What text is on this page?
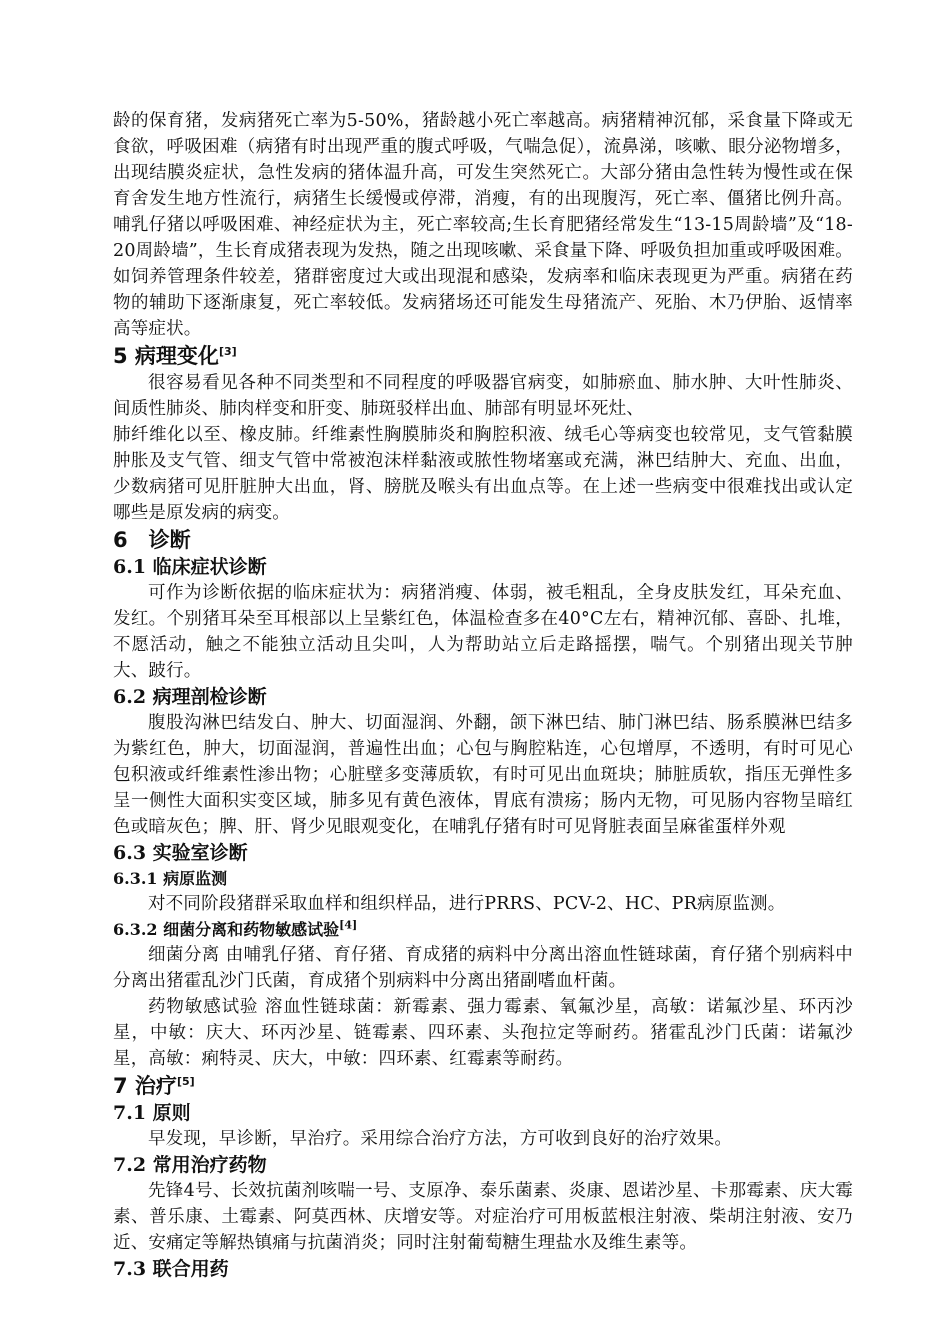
龄的保育猪，发病猪死亡率为5-50%，猪龄越小死亡率越高。病猪精神沉郁，采食量下降或无食欲，呼吸困难（病猪有时出现严重的腹式呼吸，气喘急促），流鼻涕，咳嗽、眼分泌物增多，出现结膜炎症状，急性发病的猪体温升高，可发生突然死亡。大部分猪由急性转为慢性或在保育舍发生地方性流行，病猪生长缓慢或停滞，消瘦，有的出现腹泻，死亡率、僵猪比例升高。哺乳仔猪以呼吸困难、神经症状为主，死亡率较高;生长育肥猪经常发生“13-15周龄墙”及“18-20周龄墙”，生长育成猪表现为发热，随之出现咳嗽、采食量下降、呼吸负担加重或呼吸困难。如饲养管理条件较差，猪群密度过大或出现混和感染，发病率和临床表现更为严重。病猪在药物的辅助下逐渐康复，死亡率较低。发病猪场还可能发生母猪流产、死胎、木乃伊胎、返情率高等症状。

5 病理变化[3]

很容易看见各种不同类型和不同程度的呼吸器官病变，如肺瘀血、肺水肿、大叶性肺炎、间质性肺炎、肺肉样变和肝变、肺斑驳样出血、肺部有明显坏死灶、

肺纤维化以至、橡皮肺。纤维素性胸膜肺炎和胸腔积液、绒毛心等病变也较常见，支气管黏膜肿胀及支气管、细支气管中常被泡沫样黏液或脓性物堵塞或充满，淋巴结肿大、充血、出血，少数病猪可见肝脏肿大出血，肾、膀胱及喉头有出血点等。在上述一些病变中很难找出或认定哪些是原发病的病变。

6　诊断
6.1 临床症状诊断

可作为诊断依据的临床症状为：病猪消瘦、体弱，被毛粗乱，全身皮肤发红，耳朵充血、发红。个别猪耳朵至耳根部以上呈紫红色，体温检查多在40°C左右，精神沉郁、喜卧、扎堆，不愿活动，触之不能独立活动且尖叫，人为帮助站立后走路摇摆，喘气。个别猪出现关节肿大、跛行。

6.2 病理剖检诊断

腹股沟淋巴结发白、肿大、切面湿润、外翻，颌下淋巴结、肺门淋巴结、肠系膜淋巴结多为紫红色，肿大，切面湿润，普遍性出血；心包与胸腔粘连，心包增厚，不透明，有时可见心包积液或纤维素性渗出物；心脏壁多变薄质软，有时可见出血斑块；肺脏质软，指压无弹性多呈一侧性大面积实变区域，肺多见有黄色液体，胃底有溃疡；肠内无物，可见肠内容物呈暗红色或暗灰色；脾、肝、肾少见眼观变化，在哺乳仔猪有时可见肾脏表面呈麻雀蛋样外观

6.3 实验室诊断
6.3.1 病原监测

对不同阶段猪群采取血样和组织样品，进行PRRS、PCV-2、HC、PR病原监测。

6.3.2 细菌分离和药物敏感试验[4]

细菌分离 由哺乳仔猪、育仔猪、育成猪的病料中分离出溶血性链球菌，育仔猪个别病料中分离出猪霍乱沙门氏菌，育成猪个别病料中分离出猪副嗜血杆菌。

药物敏感试验 溶血性链球菌：新霉素、强力霉素、氧氟沙星，高敏：诺氟沙星、环丙沙星，中敏：庆大、环丙沙星、链霉素、四环素、头孢拉定等耐药。猪霍乱沙门氏菌：诺氟沙星，高敏：痢特灵、庆大，中敏：四环素、红霉素等耐药。

7 治疗[5]
7.1 原则

早发现，早诊断，早治疗。采用综合治疗方法，方可收到良好的治疗效果。

7.2 常用治疗药物

先锋4号、长效抗菌剂咳喘一号、支原净、泰乐菌素、炎康、恩诺沙星、卡那霉素、庆大霉素、普乐康、土霉素、阿莫西林、庆增安等。对症治疗可用板蓝根注射液、柴胡注射液、安乃近、安痛定等解热镇痛与抗菌消炎；同时注射葡萄糖生理盐水及维生素等。

7.3 联合用药
